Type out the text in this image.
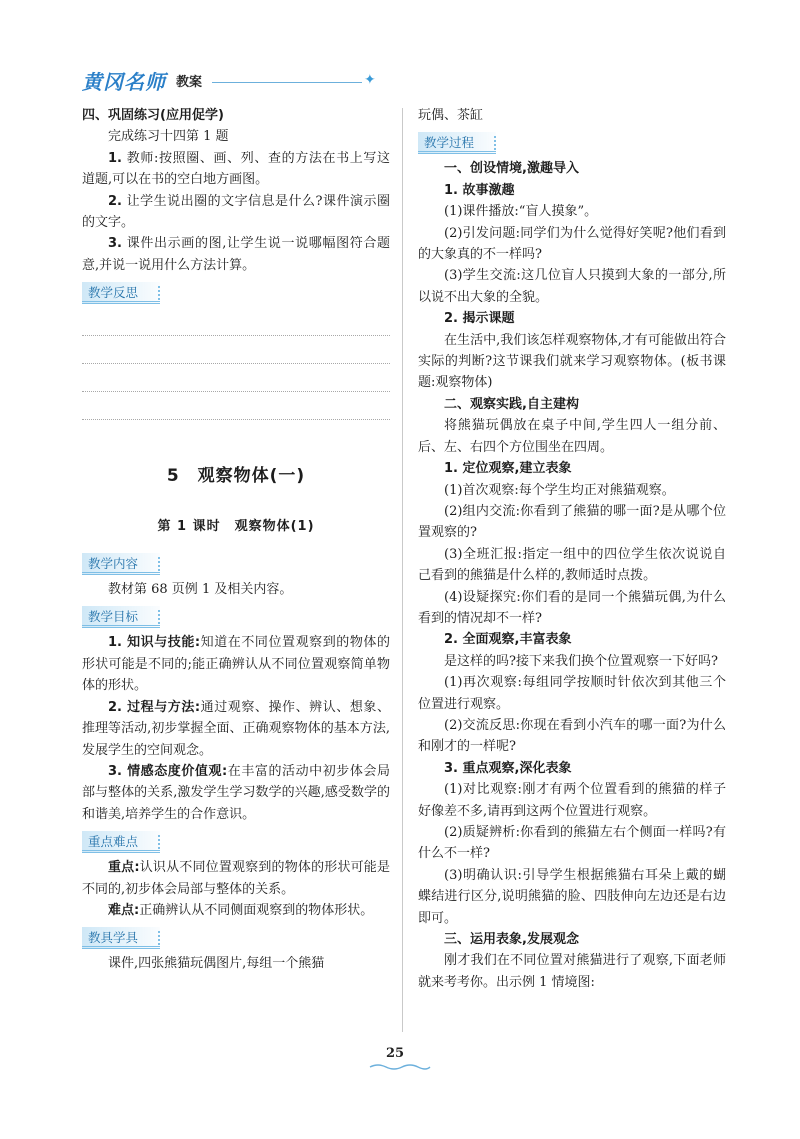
黄冈名师 教案	✦
四、巩固练习(应用促学)
完成练习十四第 1 题
1. 教师:按照圈、画、列、查的方法在书上写这道题,可以在书的空白地方画图。
2. 让学生说出圈的文字信息是什么?课件演示圈的文字。
3. 课件出示画的图,让学生说一说哪幅图符合题意,并说一说用什么方法计算。
教学反思
5　观察物体(一)
第 1 课时　观察物体(1)
教学内容
教材第 68 页例 1 及相关内容。
教学目标
1. 知识与技能:知道在不同位置观察到的物体的形状可能是不同的;能正确辨认从不同位置观察简单物体的形状。
2. 过程与方法:通过观察、操作、辨认、想象、推理等活动,初步掌握全面、正确观察物体的基本方法,发展学生的空间观念。
3. 情感态度价值观:在丰富的活动中初步体会局部与整体的关系,激发学生学习数学的兴趣,感受数学的和谐美,培养学生的合作意识。
重点难点
重点:认识从不同位置观察到的物体的形状可能是不同的,初步体会局部与整体的关系。
难点:正确辨认从不同侧面观察到的物体形状。
教具学具
课件,四张熊猫玩偶图片,每组一个熊猫
玩偶、茶缸
教学过程
一、创设情境,激趣导入
1. 故事激趣
(1)课件播放:“盲人摸象”。
(2)引发问题:同学们为什么觉得好笑呢?他们看到的大象真的不一样吗?
(3)学生交流:这几位盲人只摸到大象的一部分,所以说不出大象的全貌。
2. 揭示课题
在生活中,我们该怎样观察物体,才有可能做出符合实际的判断?这节课我们就来学习观察物体。(板书课题:观察物体)
二、观察实践,自主建构
将熊猫玩偶放在桌子中间,学生四人一组分前、后、左、右四个方位围坐在四周。
1. 定位观察,建立表象
(1)首次观察:每个学生均正对熊猫观察。
(2)组内交流:你看到了熊猫的哪一面?是从哪个位置观察的?
(3)全班汇报:指定一组中的四位学生依次说说自己看到的熊猫是什么样的,教师适时点拨。
(4)设疑探究:你们看的是同一个熊猫玩偶,为什么看到的情况却不一样?
2. 全面观察,丰富表象
是这样的吗?接下来我们换个位置观察一下好吗?
(1)再次观察:每组同学按顺时针依次到其他三个位置进行观察。
(2)交流反思:你现在看到小汽车的哪一面?为什么和刚才的一样呢?
3. 重点观察,深化表象
(1)对比观察:刚才有两个位置看到的熊猫的样子好像差不多,请再到这两个位置进行观察。
(2)质疑辨析:你看到的熊猫左右个侧面一样吗?有什么不一样?
(3)明确认识:引导学生根据熊猫右耳朵上戴的蝴蝶结进行区分,说明熊猫的脸、四肢伸向左边还是右边即可。
三、运用表象,发展观念
刚才我们在不同位置对熊猫进行了观察,下面老师就来考考你。出示例 1 情境图:
25
